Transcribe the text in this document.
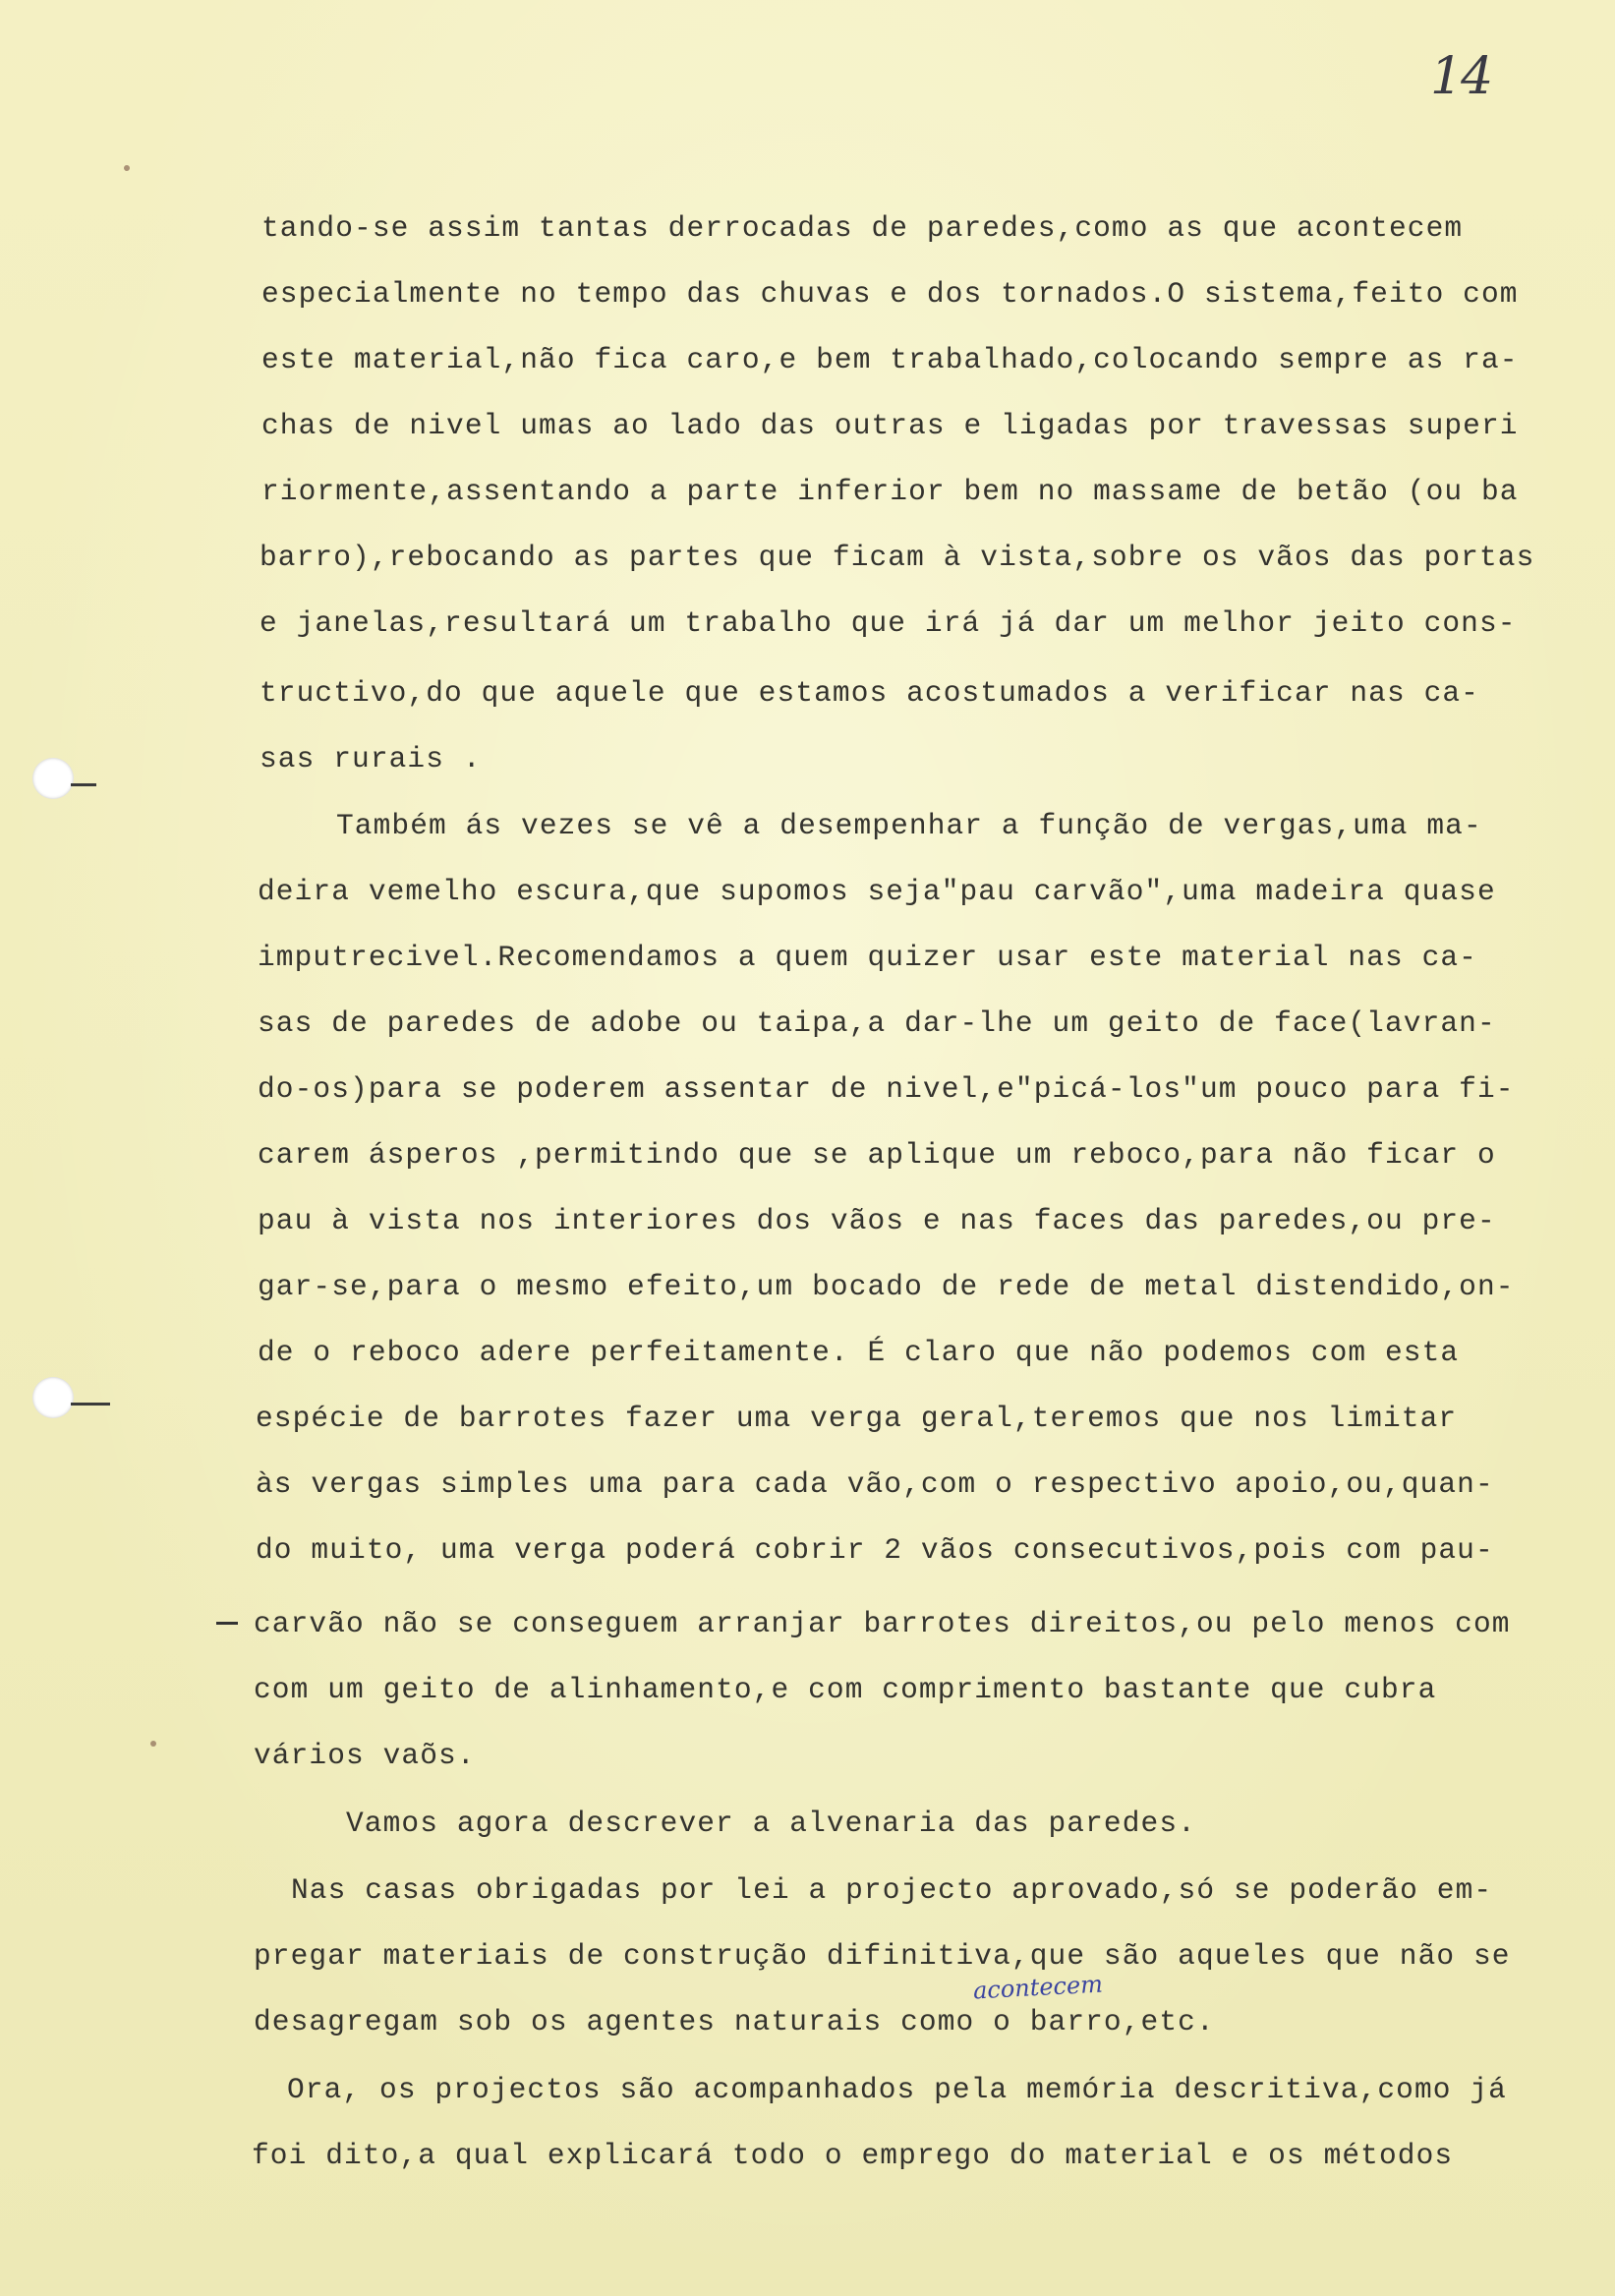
14
tando-se assim tantas derrocadas de paredes,como as que acontecem
especialmente no tempo das chuvas e dos tornados.O sistema,feito com
este material,não fica caro,e bem trabalhado,colocando sempre as ra-
chas de nivel umas ao lado das outras e ligadas por travessas superi
riormente,assentando a parte inferior bem no massame de betão (ou ba
barro),rebocando as partes que ficam à vista,sobre os vãos das portas
e janelas,resultará um trabalho que irá já dar um melhor jeito cons-
tructivo,do que aquele que estamos acostumados a verificar nas ca-
sas rurais .
Também ás vezes se vê a desempenhar a função de vergas,uma ma-
deira vemelho escura,que supomos seja"pau carvão",uma madeira quase
imputrecivel.Recomendamos a quem quizer usar este material nas ca-
sas de paredes de adobe ou taipa,a dar-lhe um geito de face(lavran-
do-os)para se poderem assentar de nivel,e"picá-los"um pouco para fi-
carem ásperos ,permitindo que se aplique um reboco,para não ficar o
pau à vista nos interiores dos vãos e nas faces das paredes,ou pre-
gar-se,para o mesmo efeito,um bocado de rede de metal distendido,on-
de o reboco adere perfeitamente. É claro que não podemos com esta
espécie de barrotes fazer uma verga geral,teremos que nos limitar
às vergas simples uma para cada vão,com o respectivo apoio,ou,quan-
do muito, uma verga poderá cobrir 2 vãos consecutivos,pois com pau-
carvão não se conseguem arranjar barrotes direitos,ou pelo menos com
com um geito de alinhamento,e com comprimento bastante que cubra
vários vaõs.
Vamos agora descrever a alvenaria das paredes.
Nas casas obrigadas por lei a projecto aprovado,só se poderão em-
pregar materiais de construção difinitiva,que são aqueles que não se
desagregam sob os agentes naturais como o barro,etc.
Ora, os projectos são acompanhados pela memória descritiva,como já
foi dito,a qual explicará todo o emprego do material e os métodos
acontecem
